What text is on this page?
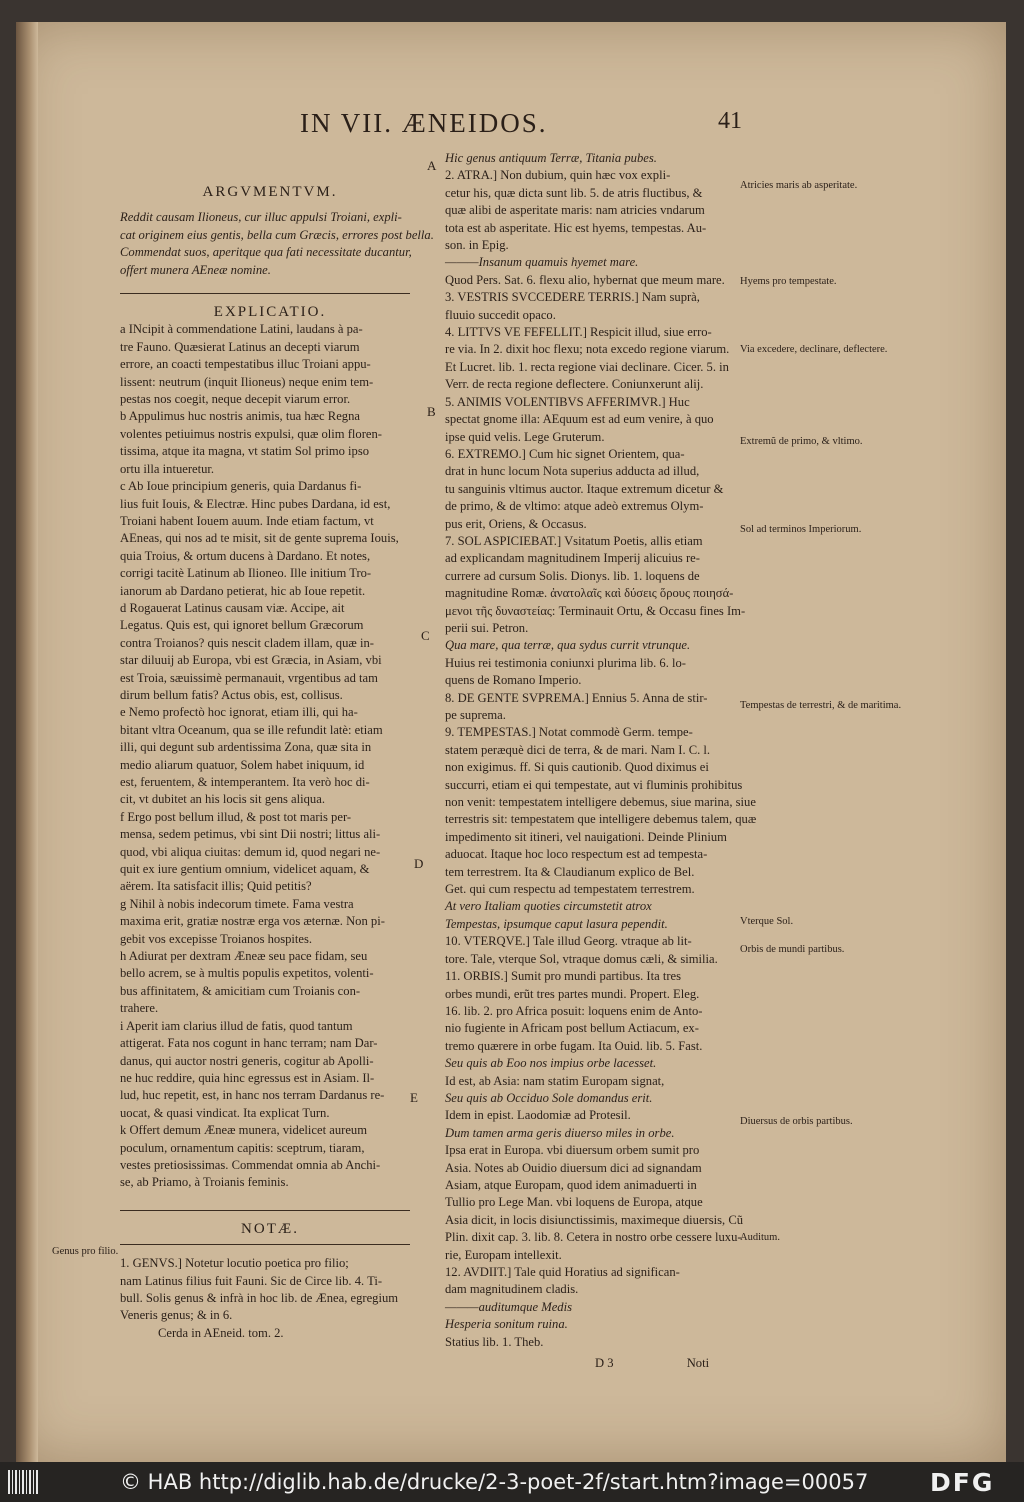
IN VII. ÆNEIDOS.	41

ARGVMENTVM.

Reddit causam Ilioneus, cur illuc appulsi Troiani, expli-

cat originem eius gentis, bella cum Græcis, errores post bella.

Commendat suos, aperitque qua fati necessitate ducantur,

offert munera AEneæ nomine.

EXPLICATIO.

a INcipit à commendatione Latini, laudans à pa-

tre Fauno. Quæsierat Latinus an decepti viarum

errore, an coacti tempestatibus illuc Troiani appu-

lissent: neutrum (inquit Ilioneus) neque enim tem-

pestas nos coegit, neque decepit viarum error.

b Appulimus huc nostris animis, tua hæc Regna

volentes petiuimus nostris expulsi, quæ olim floren-

tissima, atque ita magna, vt statim Sol primo ipso

ortu illa intueretur.

c Ab Ioue principium generis, quia Dardanus fi-

lius fuit Iouis, & Electræ. Hinc pubes Dardana, id est,

Troiani habent Iouem auum. Inde etiam factum, vt

AEneas, qui nos ad te misit, sit de gente suprema Iouis,

quia Troius, & ortum ducens à Dardano. Et notes,

corrigi tacitè Latinum ab Ilioneo. Ille initium Tro-

ianorum ab Dardano petierat, hic ab Ioue repetit.

d Rogauerat Latinus causam viæ. Accipe, ait

Legatus. Quis est, qui ignoret bellum Græcorum

contra Troianos? quis nescit cladem illam, quæ in-

star diluuij ab Europa, vbi est Græcia, in Asiam, vbi

est Troia, sæuissimè permanauit, vrgentibus ad tam

dirum bellum fatis? Actus obis, est, collisus.

e Nemo profectò hoc ignorat, etiam illi, qui ha-

bitant vltra Oceanum, qua se ille refundit latè: etiam

illi, qui degunt sub ardentissima Zona, quæ sita in

medio aliarum quatuor, Solem habet iniquum, id

est, feruentem, & intemperantem. Ita verò hoc di-

cit, vt dubitet an his locis sit gens aliqua.

f Ergo post bellum illud, & post tot maris per-

mensa, sedem petimus, vbi sint Dii nostri; littus ali-

quod, vbi aliqua ciuitas: demum id, quod negari ne-

quit ex iure gentium omnium, videlicet aquam, &

aërem. Ita satisfacit illis; Quid petitis?

g Nihil à nobis indecorum timete. Fama vestra

maxima erit, gratiæ nostræ erga vos æternæ. Non pi-

gebit vos excepisse Troianos hospites.

h Adiurat per dextram Æneæ seu pace fidam, seu

bello acrem, se à multis populis expetitos, volenti-

bus affinitatem, & amicitiam cum Troianis con-

trahere.

i Aperit iam clarius illud de fatis, quod tantum

attigerat. Fata nos cogunt in hanc terram; nam Dar-

danus, qui auctor nostri generis, cogitur ab Apolli-

ne huc reddire, quia hinc egressus est in Asiam. Il-

lud, huc repetit, est, in hanc nos terram Dardanus re-

uocat, & quasi vindicat. Ita explicat Turn.

k Offert demum Æneæ munera, videlicet aureum

poculum, ornamentum capitis: sceptrum, tiaram,

vestes pretiosissimas. Commendat omnia ab Anchi-

se, ab Priamo, à Troianis feminis.

NOTÆ.

1. GENVS.] Notetur locutio poetica pro filio;

nam Latinus filius fuit Fauni. Sic de Circe lib. 4. Ti-

bull. Solis genus & infrà in hoc lib. de Ænea, egregium

Veneris genus; & in 6.

Cerda in AEneid. tom. 2.

Hic genus antiquum Terræ, Titania pubes.

2. ATRA.] Non dubium, quin hæc vox expli-

cetur his, quæ dicta sunt lib. 5. de atris fluctibus, &

quæ alibi de asperitate maris: nam atricies vndarum

tota est ab asperitate. Hic est hyems, tempestas. Au-

son. in Epig.

———Insanum quamuis hyemet mare.

Quod Pers. Sat. 6. flexu alio, hybernat que meum mare.

3. VESTRIS SVCCEDERE TERRIS.] Nam suprà,

fluuio succedit opaco.

4. LITTVS VE FEFELLIT.] Respicit illud, siue erro-

re via. In 2. dixit hoc flexu; nota excedo regione viarum.

Et Lucret. lib. 1. recta regione viai declinare. Cicer. 5. in

Verr. de recta regione deflectere. Coniunxerunt alij.

5. ANIMIS VOLENTIBVS AFFERIMVR.] Huc

spectat gnome illa: AEquum est ad eum venire, à quo

ipse quid velis. Lege Gruterum.

6. EXTREMO.] Cum hic signet Orientem, qua-

drat in hunc locum Nota superius adducta ad illud,

tu sanguinis vltimus auctor. Itaque extremum dicetur &

de primo, & de vltimo: atque adeò extremus Olym-

pus erit, Oriens, & Occasus.

7. SOL ASPICIEBAT.] Vsitatum Poetis, allis etiam

ad explicandam magnitudinem Imperij alicuius re-

currere ad cursum Solis. Dionys. lib. 1. loquens de

magnitudine Romæ. ἀνατολαῖς καὶ δύσεις ὅρους ποιησά-

μενοι τῆς δυναστείας: Terminauit Ortu, & Occasu fines Im-

perii sui. Petron.

Qua mare, qua terræ, qua sydus currit vtrunque.

Huius rei testimonia coniunxi plurima lib. 6. lo-

quens de Romano Imperio.

8. DE GENTE SVPREMA.] Ennius 5. Anna de stir-

pe suprema.

9. TEMPESTAS.] Notat commodè Germ. tempe-

statem peræquè dici de terra, & de mari. Nam I. C. l.

non exigimus. ff. Si quis cautionib. Quod diximus ei

succurri, etiam ei qui tempestate, aut vi fluminis prohibitus

non venit: tempestatem intelligere debemus, siue marina, siue

terrestris sit: tempestatem que intelligere debemus talem, quæ

impedimento sit itineri, vel nauigationi. Deinde Plinium

aduocat. Itaque hoc loco respectum est ad tempesta-

tem terrestrem. Ita & Claudianum explico de Bel.

Get. qui cum respectu ad tempestatem terrestrem.

At vero Italiam quoties circumstetit atrox

Tempestas, ipsumque caput lasura pependit.

10. VTERQVE.] Tale illud Georg. vtraque ab lit-

tore. Tale, vterque Sol, vtraque domus cæli, & similia.

11. ORBIS.] Sumit pro mundi partibus. Ita tres

orbes mundi, erũt tres partes mundi. Propert. Eleg.

16. lib. 2. pro Africa posuit: loquens enim de Anto-

nio fugiente in Africam post bellum Actiacum, ex-

tremo quærere in orbe fugam. Ita Ouid. lib. 5. Fast.

Seu quis ab Eoo nos impius orbe lacesset.

Id est, ab Asia: nam statim Europam signat,

Seu quis ab Occiduo Sole domandus erit.

Idem in epist. Laodomiæ ad Protesil.

Dum tamen arma geris diuerso miles in orbe.

Ipsa erat in Europa. vbi diuersum orbem sumit pro

Asia. Notes ab Ouidio diuersum dici ad signandam

Asiam, atque Europam, quod idem animaduerti in

Tullio pro Lege Man. vbi loquens de Europa, atque

Asia dicit, in locis disiunctissimis, maximeque diuersis, Cũ

Plin. dixit cap. 3. lib. 8. Cetera in nostro orbe cessere luxu-

rie, Europam intellexit.

12. AVDIIT.] Tale quid Horatius ad significan-

dam magnitudinem cladis.

———auditumque Medis

Hesperia sonitum ruina.

Statius lib. 1. Theb.

D 3	Noti

Atricies maris ab asperitate.
Hyems pro tempestate.
Via excedere, declinare, deflectere.
Extremũ de primo, & vltimo.
Sol ad terminos Imperiorum.
Tempestas de terrestri, & de maritima.
Vterque Sol.
Orbis de mundi partibus.
Diuersus de orbis partibus.
Auditum.
Genus pro filio.
A
B
C
D
E
© HAB http://diglib.hab.de/drucke/2-3-poet-2f/start.htm?image=00057 DFG
